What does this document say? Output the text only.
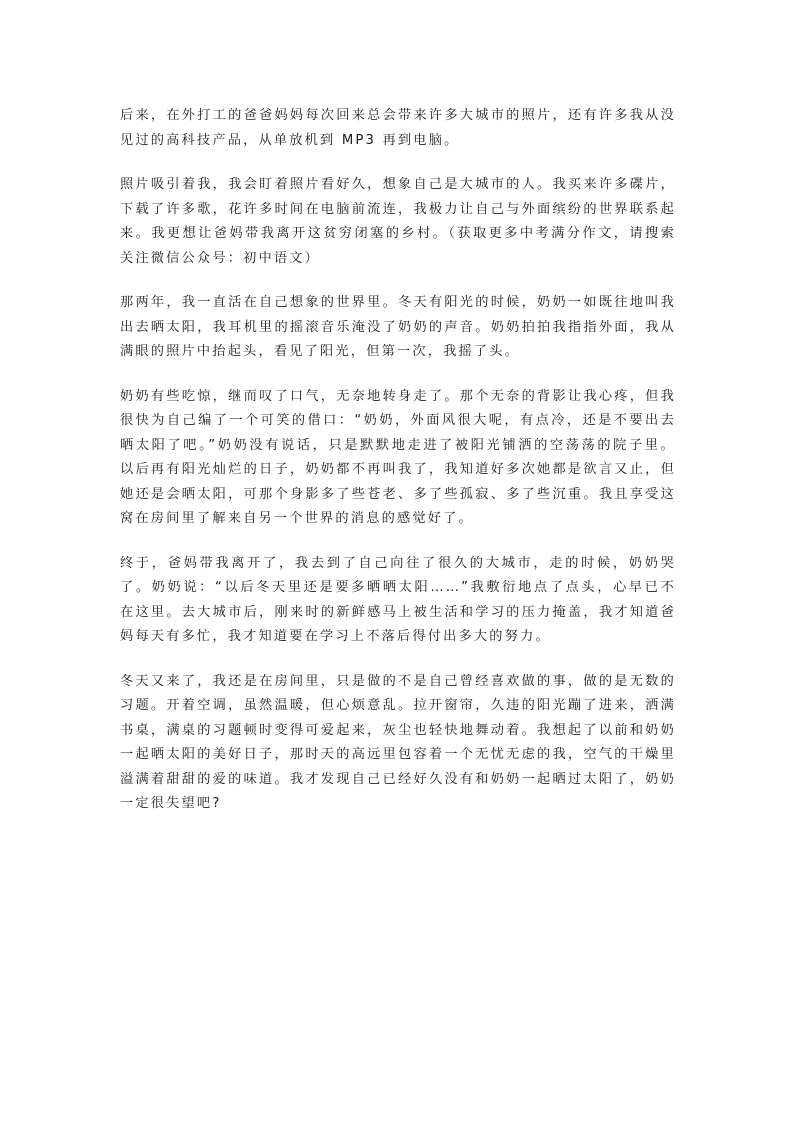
后来，在外打工的爸爸妈妈每次回来总会带来许多大城市的照片，还有许多我从没见过的高科技产品，从单放机到 MP3 再到电脑。

照片吸引着我，我会盯着照片看好久，想象自己是大城市的人。我买来许多碟片，下载了许多歌，花许多时间在电脑前流连，我极力让自己与外面缤纷的世界联系起来。我更想让爸妈带我离开这贫穷闭塞的乡村。（获取更多中考满分作文，请搜索关注微信公众号：初中语文）

那两年，我一直活在自己想象的世界里。冬天有阳光的时候，奶奶一如既往地叫我出去晒太阳，我耳机里的摇滚音乐淹没了奶奶的声音。奶奶拍拍我指指外面，我从满眼的照片中抬起头，看见了阳光，但第一次，我摇了头。

奶奶有些吃惊，继而叹了口气，无奈地转身走了。那个无奈的背影让我心疼，但我很快为自己编了一个可笑的借口：“奶奶，外面风很大呢，有点冷，还是不要出去晒太阳了吧。”奶奶没有说话，只是默默地走进了被阳光铺洒的空荡荡的院子里。以后再有阳光灿烂的日子，奶奶都不再叫我了，我知道好多次她都是欲言又止，但她还是会晒太阳，可那个身影多了些苍老、多了些孤寂、多了些沉重。我且享受这窝在房间里了解来自另一个世界的消息的感觉好了。

终于，爸妈带我离开了，我去到了自己向往了很久的大城市，走的时候，奶奶哭了。奶奶说：“以后冬天里还是要多晒晒太阳……”我敷衍地点了点头，心早已不在这里。去大城市后，刚来时的新鲜感马上被生活和学习的压力掩盖，我才知道爸妈每天有多忙，我才知道要在学习上不落后得付出多大的努力。

冬天又来了，我还是在房间里，只是做的不是自己曾经喜欢做的事，做的是无数的习题。开着空调，虽然温暖，但心烦意乱。拉开窗帘，久违的阳光蹦了进来，洒满书桌，满桌的习题顿时变得可爱起来，灰尘也轻快地舞动着。我想起了以前和奶奶一起晒太阳的美好日子，那时天的高远里包容着一个无忧无虑的我，空气的干燥里溢满着甜甜的爱的味道。我才发现自己已经好久没有和奶奶一起晒过太阳了，奶奶一定很失望吧?
